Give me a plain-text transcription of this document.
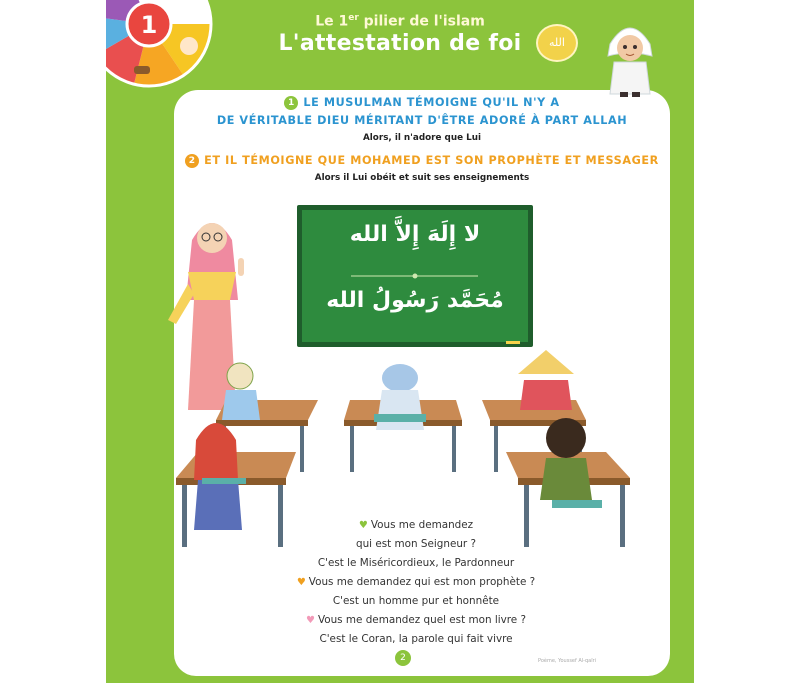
1	Le 1er pilier de l'islam
L'attestation de foi	الله
1 LE MUSULMAN TÉMOIGNE QU'IL N'Y A
DE VÉRITABLE DIEU MÉRITANT D'ÊTRE ADORÉ À PART ALLAH
Alors, il n'adore que Lui
2 ET IL TÉMOIGNE QUE MOHAMED EST SON PROPHÈTE ET MESSAGER
Alors il Lui obéit et suit ses enseignements
لا إِلَهَ إِلاَّ الله
مُحَمَّد رَسُولُ الله
♥ Vous me demandez
qui est mon Seigneur ?
C'est le Miséricordieux, le Pardonneur
♥ Vous me demandez qui est mon prophète ?
C'est un homme pur et honnête
♥ Vous me demandez quel est mon livre ?
C'est le Coran, la parole qui fait vivre
2	Poème, Youssef Al-qaïri
